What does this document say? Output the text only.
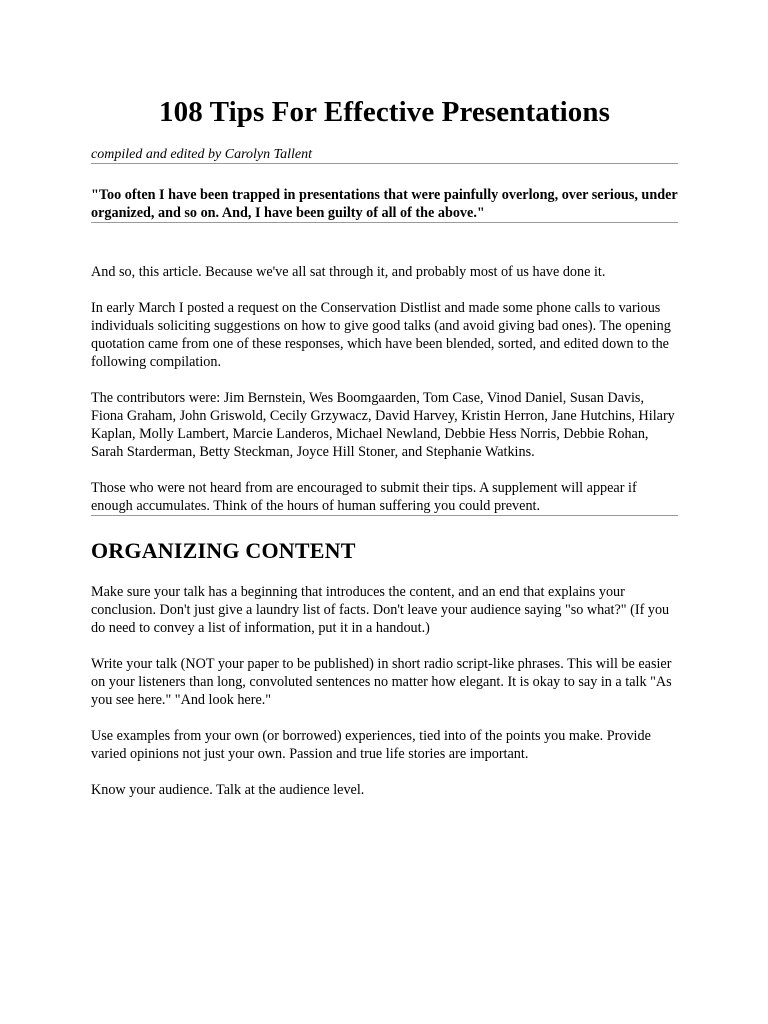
108 Tips For Effective Presentations

compiled and edited by Carolyn Tallent

"Too often I have been trapped in presentations that were painfully overlong, over serious, under organized, and so on. And, I have been guilty of all of the above."

And so, this article. Because we've all sat through it, and probably most of us have done it.

In early March I posted a request on the Conservation Distlist and made some phone calls to various individuals soliciting suggestions on how to give good talks (and avoid giving bad ones). The opening quotation came from one of these responses, which have been blended, sorted, and edited down to the following compilation.

The contributors were: Jim Bernstein, Wes Boomgaarden, Tom Case, Vinod Daniel, Susan Davis, Fiona Graham, John Griswold, Cecily Grzywacz, David Harvey, Kristin Herron, Jane Hutchins, Hilary Kaplan, Molly Lambert, Marcie Landeros, Michael Newland, Debbie Hess Norris, Debbie Rohan, Sarah Starderman, Betty Steckman, Joyce Hill Stoner, and Stephanie Watkins.

Those who were not heard from are encouraged to submit their tips. A supplement will appear if enough accumulates. Think of the hours of human suffering you could prevent.

ORGANIZING CONTENT

Make sure your talk has a beginning that introduces the content, and an end that explains your conclusion. Don't just give a laundry list of facts. Don't leave your audience saying "so what?" (If you do need to convey a list of information, put it in a handout.)

Write your talk (NOT your paper to be published) in short radio script-like phrases. This will be easier on your listeners than long, convoluted sentences no matter how elegant. It is okay to say in a talk "As you see here." "And look here."

Use examples from your own (or borrowed) experiences, tied into of the points you make. Provide varied opinions not just your own. Passion and true life stories are important.

Know your audience. Talk at the audience level.
